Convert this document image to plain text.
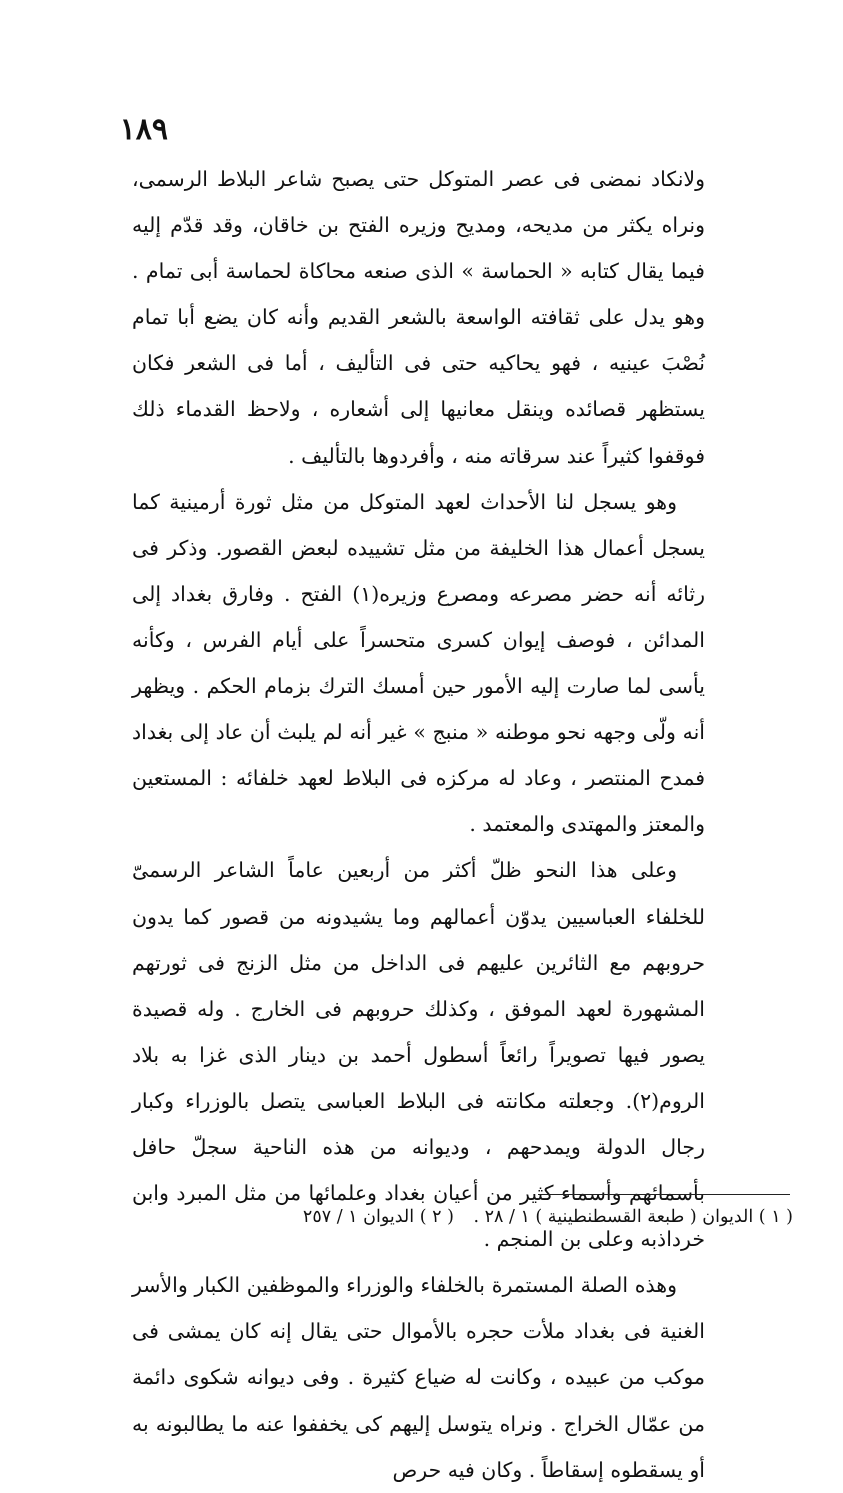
١٨٩

ولانكاد نمضى فى عصر المتوكل حتى يصبح شاعر البلاط الرسمى، ونراه يكثر من مديحه، ومديح وزيره الفتح بن خاقان، وقد قدّم إليه فيما يقال كتابه « الحماسة » الذى صنعه محاكاة لحماسة أبى تمام . وهو يدل على ثقافته الواسعة بالشعر القديم وأنه كان يضع أبا تمام نُصْبَ عينيه ، فهو يحاكيه حتى فى التأليف ، أما فى الشعر فكان يستظهر قصائده وينقل معانيها إلى أشعاره ، ولاحظ القدماء ذلك فوقفوا كثيراً عند سرقاته منه ، وأفردوها بالتأليف .

وهو يسجل لنا الأحداث لعهد المتوكل من مثل ثورة أرمينية كما يسجل أعمال هذا الخليفة من مثل تشييده لبعض القصور. وذكر فى رثائه أنه حضر مصرعه ومصرع وزيره(١) الفتح . وفارق بغداد إلى المدائن ، فوصف إيوان كسرى متحسراً على أيام الفرس ، وكأنه يأسى لما صارت إليه الأمور حين أمسك الترك بزمام الحكم . ويظهر أنه ولّى وجهه نحو موطنه « منبج » غير أنه لم يلبث أن عاد إلى بغداد فمدح المنتصر ، وعاد له مركزه فى البلاط لعهد خلفائه : المستعين والمعتز والمهتدى والمعتمد .

وعلى هذا النحو ظلّ أكثر من أربعين عاماً الشاعر الرسمىّ للخلفاء العباسيين يدوّن أعمالهم وما يشيدونه من قصور كما يدون حروبهم مع الثائرين عليهم فى الداخل من مثل الزنج فى ثورتهم المشهورة لعهد الموفق ، وكذلك حروبهم فى الخارج . وله قصيدة يصور فيها تصويراً رائعاً أسطول أحمد بن دينار الذى غزا به بلاد الروم(٢). وجعلته مكانته فى البلاط العباسى يتصل بالوزراء وكبار رجال الدولة ويمدحهم ، وديوانه من هذه الناحية سجلّ حافل بأسمائهم وأسماء كثير من أعيان بغداد وعلمائها من مثل المبرد وابن خرداذبه وعلى بن المنجم .

وهذه الصلة المستمرة بالخلفاء والوزراء والموظفين الكبار والأسر الغنية فى بغداد ملأت حجره بالأموال حتى يقال إنه كان يمشى فى موكب من عبيده ، وكانت له ضياع كثيرة . وفى ديوانه شكوى دائمة من عمّال الخراج . ونراه يتوسل إليهم كى يخففوا عنه ما يطالبونه به أو يسقطوه إسقاطاً . وكان فيه حرص

( ١ ) الديوان ( طبعة القسطنطينية ) ١ / ٢٨ . ( ٢ ) الديوان ١ / ٢٥٧
